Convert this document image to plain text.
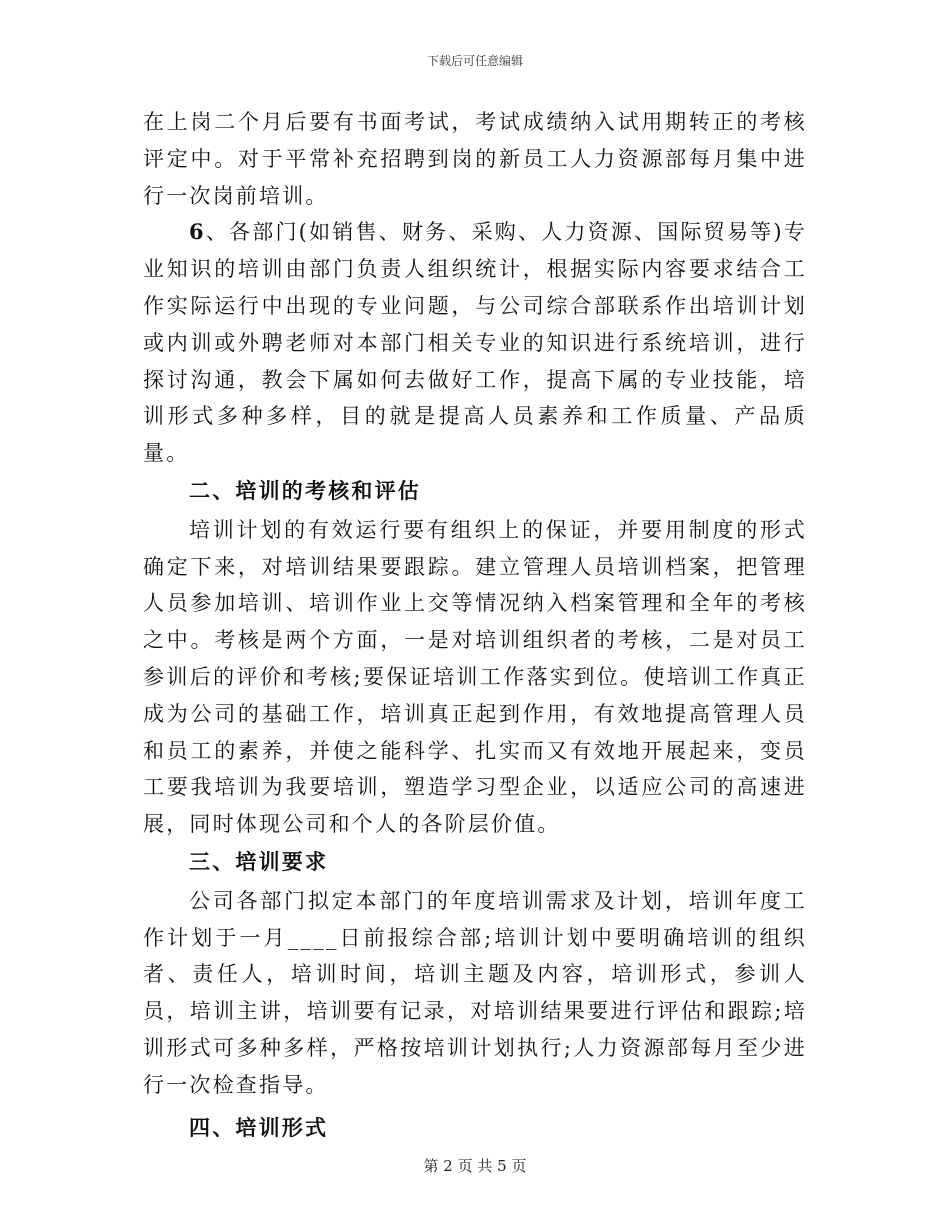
下载后可任意编辑

在上岗二个月后要有书面考试，考试成绩纳入试用期转正的考核评定中。对于平常补充招聘到岗的新员工人力资源部每月集中进行一次岗前培训。

6、各部门(如销售、财务、采购、人力资源、国际贸易等)专业知识的培训由部门负责人组织统计，根据实际内容要求结合工作实际运行中出现的专业问题，与公司综合部联系作出培训计划或内训或外聘老师对本部门相关专业的知识进行系统培训，进行探讨沟通，教会下属如何去做好工作，提高下属的专业技能，培训形式多种多样，目的就是提高人员素养和工作质量、产品质量。

二、培训的考核和评估

培训计划的有效运行要有组织上的保证，并要用制度的形式确定下来，对培训结果要跟踪。建立管理人员培训档案，把管理人员参加培训、培训作业上交等情况纳入档案管理和全年的考核之中。考核是两个方面，一是对培训组织者的考核，二是对员工参训后的评价和考核;要保证培训工作落实到位。使培训工作真正成为公司的基础工作，培训真正起到作用，有效地提高管理人员和员工的素养，并使之能科学、扎实而又有效地开展起来，变员工要我培训为我要培训，塑造学习型企业，以适应公司的高速进展，同时体现公司和个人的各阶层价值。

三、培训要求

公司各部门拟定本部门的年度培训需求及计划，培训年度工作计划于一月____日前报综合部;培训计划中要明确培训的组织者、责任人，培训时间，培训主题及内容，培训形式，参训人员，培训主讲，培训要有记录，对培训结果要进行评估和跟踪;培训形式可多种多样，严格按培训计划执行;人力资源部每月至少进行一次检查指导。

四、培训形式

第 2 页 共 5 页
